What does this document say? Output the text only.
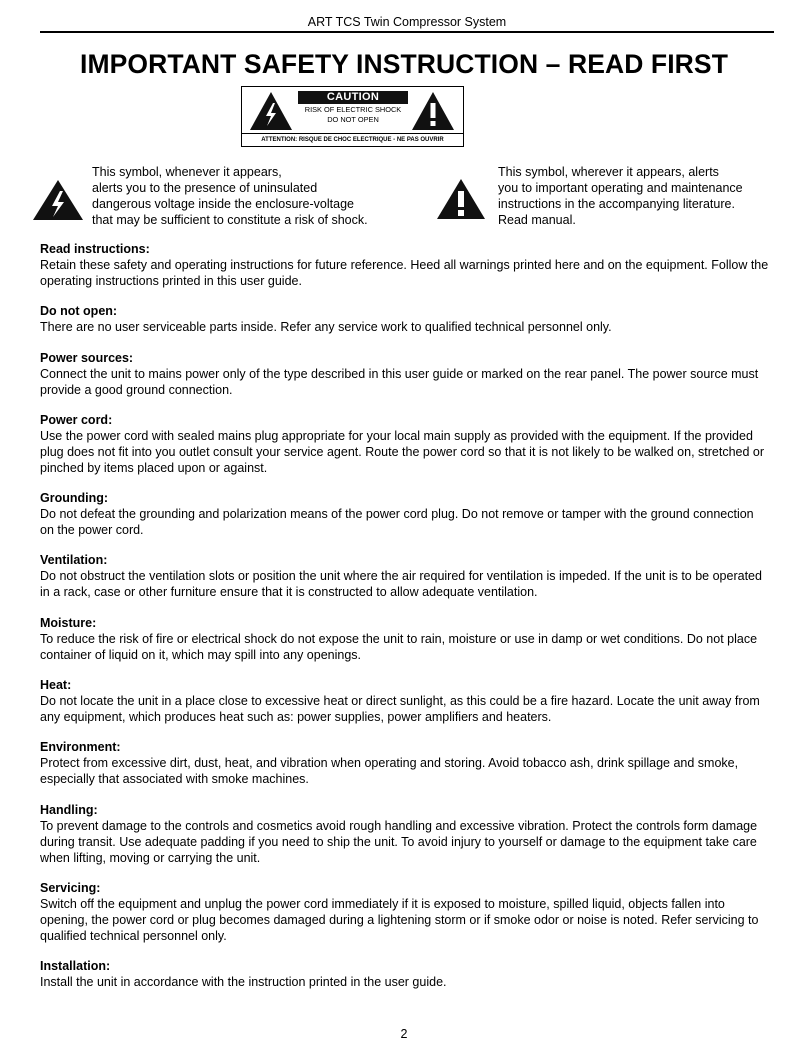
ART TCS Twin Compressor System
IMPORTANT SAFETY INSTRUCTION – READ FIRST
CAUTION
RISK OF ELECTRIC SHOCK
DO NOT OPEN
ATTENTION: RISQUE DE CHOC ELECTRIQUE - NE PAS OUVRIR
This symbol, whenever it appears,
alerts you to the presence of uninsulated
dangerous voltage inside the enclosure-voltage
that may be sufficient to constitute a risk of shock.
This symbol, wherever it appears, alerts
you to important operating and maintenance
instructions in the accompanying literature.
Read manual.
Read instructions:
Retain these safety and operating instructions for future reference. Heed all warnings printed here and on the equipment. Follow the operating instructions printed in this user guide.
Do not open:
There are no user serviceable parts inside. Refer any service work to qualified technical personnel only.
Power sources:
Connect the unit to mains power only of the type described in this user guide or marked on the rear panel. The power source must provide a good ground connection.
Power cord:
Use the power cord with sealed mains plug appropriate for your local main supply as provided with the equipment. If the provided plug does not fit into you outlet consult your service agent. Route the power cord so that it is not likely to be walked on, stretched or pinched by items placed upon or against.
Grounding:
Do not defeat the grounding and polarization means of the power cord plug. Do not remove or tamper with the ground connection on the power cord.
Ventilation:
Do not obstruct the ventilation slots or position the unit where the air required for ventilation is impeded. If the unit is to be operated in a rack, case or other furniture ensure that it is constructed to allow adequate ventilation.
Moisture:
To reduce the risk of fire or electrical shock do not expose the unit to rain, moisture or use in damp or wet conditions. Do not place container of liquid on it, which may spill into any openings.
Heat:
Do not locate the unit in a place close to excessive heat or direct sunlight, as this could be a fire hazard. Locate the unit away from any equipment, which produces heat such as: power supplies, power amplifiers and heaters.
Environment:
Protect from excessive dirt, dust, heat, and vibration when operating and storing. Avoid tobacco ash, drink spillage and smoke, especially that associated with smoke machines.
Handling:
To prevent damage to the controls and cosmetics avoid rough handling and excessive vibration. Protect the controls form damage during transit. Use adequate padding if you need to ship the unit. To avoid injury to yourself or damage to the equipment take care when lifting, moving or carrying the unit.
Servicing:
Switch off the equipment and unplug the power cord immediately if it is exposed to moisture, spilled liquid, objects fallen into opening, the power cord or plug becomes damaged during a lightening storm or if smoke odor or noise is noted. Refer servicing to qualified technical personnel only.
Installation:
Install the unit in accordance with the instruction printed in the user guide.
2
